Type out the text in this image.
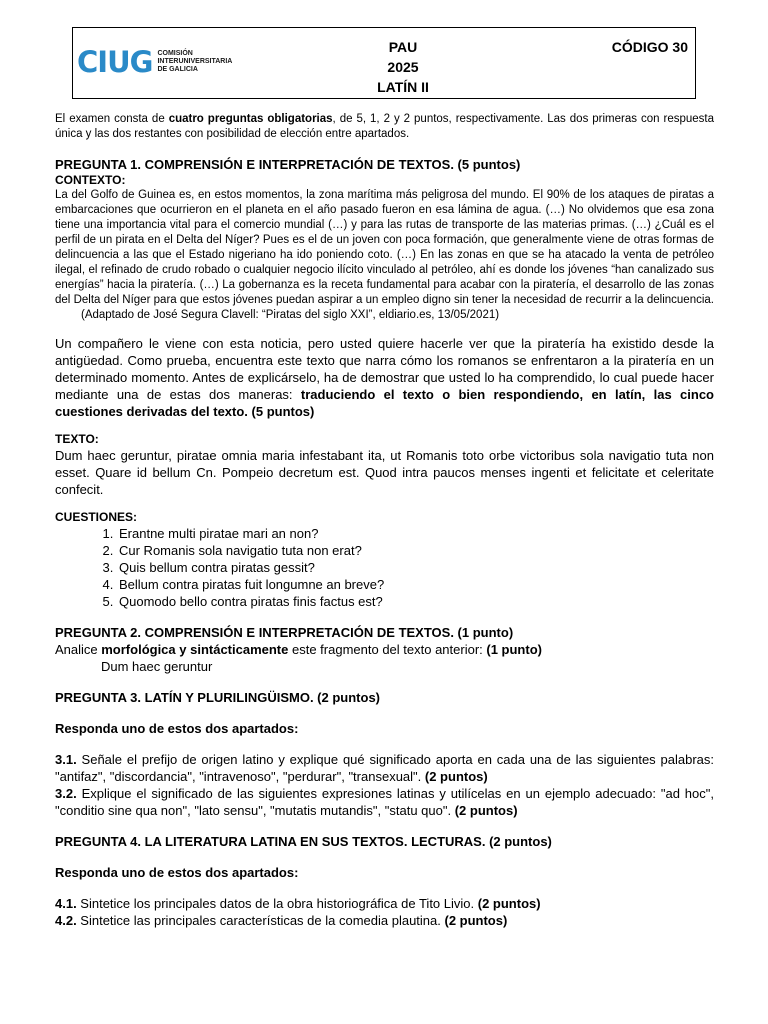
CIUG COMISIÓN
INTERUNIVERSITARIA
DE GALICIA
PAU
2025
LATÍN II
CÓDIGO 30

El examen consta de cuatro preguntas obligatorias, de 5, 1, 2 y 2 puntos, respectivamente. Las dos primeras con respuesta única y las dos restantes con posibilidad de elección entre apartados.

PREGUNTA 1. COMPRENSIÓN E INTERPRETACIÓN DE TEXTOS. (5 puntos)

CONTEXTO:

La del Golfo de Guinea es, en estos momentos, la zona marítima más peligrosa del mundo. El 90% de los ataques de piratas a embarcaciones que ocurrieron en el planeta en el año pasado fueron en esa lámina de agua. (…) No olvidemos que esa zona tiene una importancia vital para el comercio mundial (…) y para las rutas de transporte de las materias primas. (…) ¿Cuál es el perfil de un pirata en el Delta del Níger? Pues es el de un joven con poca formación, que generalmente viene de otras formas de delincuencia a las que el Estado nigeriano ha ido poniendo coto. (…) En las zonas en que se ha atacado la venta de petróleo ilegal, el refinado de crudo robado o cualquier negocio ilícito vinculado al petróleo, ahí es donde los jóvenes “han canalizado sus energías” hacia la piratería. (…) La gobernanza es la receta fundamental para acabar con la piratería, el desarrollo de las zonas del Delta del Níger para que estos jóvenes puedan aspirar a un empleo digno sin tener la necesidad de recurrir a la delincuencia.(Adaptado de José Segura Clavell: “Piratas del siglo XXI”, eldiario.es, 13/05/2021)

Un compañero le viene con esta noticia, pero usted quiere hacerle ver que la piratería ha existido desde la antigüedad. Como prueba, encuentra este texto que narra cómo los romanos se enfrentaron a la piratería en un determinado momento. Antes de explicárselo, ha de demostrar que usted lo ha comprendido, lo cual puede hacer mediante una de estas dos maneras: traduciendo el texto o bien respondiendo, en latín, las cinco cuestiones derivadas del texto. (5 puntos)

TEXTO:

Dum haec geruntur, piratae omnia maria infestabant ita, ut Romanis toto orbe victoribus sola navigatio tuta non esset. Quare id bellum Cn. Pompeio decretum est. Quod intra paucos menses ingenti et felicitate et celeritate confecit.

CUESTIONES:

1. Erantne multi piratae mari an non?
2. Cur Romanis sola navigatio tuta non erat?
3. Quis bellum contra piratas gessit?
4. Bellum contra piratas fuit longumne an breve?
5. Quomodo bello contra piratas finis factus est?

PREGUNTA 2. COMPRENSIÓN E INTERPRETACIÓN DE TEXTOS. (1 punto)

Analice morfológica y sintácticamente este fragmento del texto anterior: (1 punto)

Dum haec geruntur

PREGUNTA 3. LATÍN Y PLURILINGÜISMO. (2 puntos)

Responda uno de estos dos apartados:

3.1. Señale el prefijo de origen latino y explique qué significado aporta en cada una de las siguientes palabras: "antifaz", "discordancia", "intravenoso", "perdurar", "transexual". (2 puntos)

3.2. Explique el significado de las siguientes expresiones latinas y utilícelas en un ejemplo adecuado: "ad hoc", "conditio sine qua non", "lato sensu", "mutatis mutandis", "statu quo". (2 puntos)

PREGUNTA 4. LA LITERATURA LATINA EN SUS TEXTOS. LECTURAS. (2 puntos)

Responda uno de estos dos apartados:

4.1. Sintetice los principales datos de la obra historiográfica de Tito Livio. (2 puntos)

4.2. Sintetice las principales características de la comedia plautina. (2 puntos)
